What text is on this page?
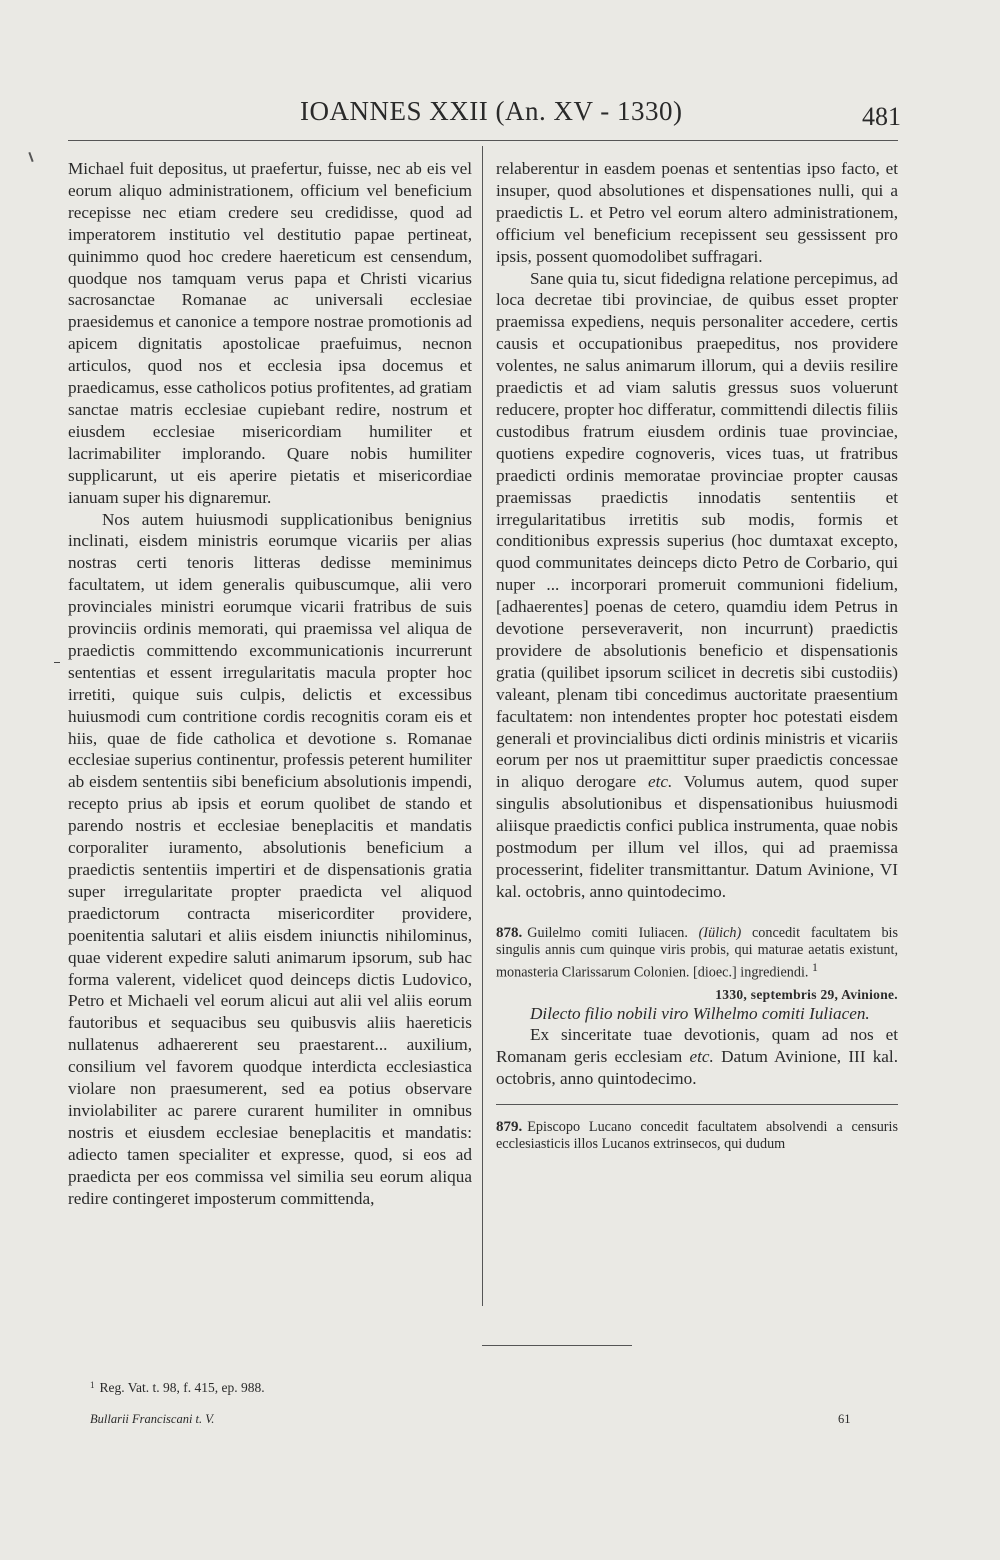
IOANNES XXII (An. XV - 1330)	481

Michael fuit depositus, ut praefertur, fuisse, nec ab eis vel eorum aliquo administrationem, officium vel beneficium recepisse nec etiam credere seu credidisse, quod ad imperatorem institutio vel destitutio papae pertineat, quinimmo quod hoc credere haereticum est censendum, quodque nos tamquam verus papa et Christi vicarius sacrosanctae Romanae ac universali ecclesiae praesidemus et canonice a tempore nostrae promotionis ad apicem dignitatis apostolicae praefuimus, necnon articulos, quod nos et ecclesia ipsa docemus et praedicamus, esse catholicos potius profitentes, ad gratiam sanctae matris ecclesiae cupiebant redire, nostrum et eiusdem ecclesiae misericordiam humiliter et lacrimabiliter implorando. Quare nobis humiliter supplicarunt, ut eis aperire pietatis et misericordiae ianuam super his dignaremur.

Nos autem huiusmodi supplicationibus benignius inclinati, eisdem ministris eorumque vicariis per alias nostras certi tenoris litteras dedisse meminimus facultatem, ut idem generalis quibuscumque, alii vero provinciales ministri eorumque vicarii fratribus de suis provinciis ordinis memorati, qui praemissa vel aliqua de praedictis committendo excommunicationis incurrerunt sententias et essent irregularitatis macula propter hoc irretiti, quique suis culpis, delictis et excessibus huiusmodi cum contritione cordis recognitis coram eis et hiis, quae de fide catholica et devotione s. Romanae ecclesiae superius continentur, professis peterent humiliter ab eisdem sententiis sibi beneficium absolutionis impendi, recepto prius ab ipsis et eorum quolibet de stando et parendo nostris et ecclesiae beneplacitis et mandatis corporaliter iuramento, absolutionis beneficium a praedictis sententiis impertiri et de dispensationis gratia super irregularitate propter praedicta vel aliquod praedictorum contracta misericorditer providere, poenitentia salutari et aliis eisdem iniunctis nihilominus, quae viderent expedire saluti animarum ipsorum, sub hac forma valerent, videlicet quod deinceps dictis Ludovico, Petro et Michaeli vel eorum alicui aut alii vel aliis eorum fautoribus et sequacibus seu quibusvis aliis haereticis nullatenus adhaererent seu praestarent... auxilium, consilium vel favorem quodque interdicta ecclesiastica violare non praesumerent, sed ea potius observare inviolabiliter ac parere curarent humiliter in omnibus nostris et eiusdem ecclesiae beneplacitis et mandatis: adiecto tamen specialiter et expresse, quod, si eos ad praedicta per eos commissa vel similia seu eorum aliqua redire contingeret imposterum committenda,

relaberentur in easdem poenas et sententias ipso facto, et insuper, quod absolutiones et dispensationes nulli, qui a praedictis L. et Petro vel eorum altero administrationem, officium vel beneficium recepissent seu gessissent pro ipsis, possent quomodolibet suffragari.

Sane quia tu, sicut fidedigna relatione percepimus, ad loca decretae tibi provinciae, de quibus esset propter praemissa expediens, nequis personaliter accedere, certis causis et occupationibus praepeditus, nos providere volentes, ne salus animarum illorum, qui a deviis resilire praedictis et ad viam salutis gressus suos voluerunt reducere, propter hoc differatur, committendi dilectis filiis custodibus fratrum eiusdem ordinis tuae provinciae, quotiens expedire cognoveris, vices tuas, ut fratribus praedicti ordinis memoratae provinciae propter causas praemissas praedictis innodatis sententiis et irregularitatibus irretitis sub modis, formis et conditionibus expressis superius (hoc dumtaxat excepto, quod communitates deinceps dicto Petro de Corbario, qui nuper ... incorporari promeruit communioni fidelium, [adhaerentes] poenas de cetero, quamdiu idem Petrus in devotione perseveraverit, non incurrunt) praedictis providere de absolutionis beneficio et dispensationis gratia (quilibet ipsorum scilicet in decretis sibi custodiis) valeant, plenam tibi concedimus auctoritate praesentium facultatem: non intendentes propter hoc potestati eisdem generali et provincialibus dicti ordinis ministris et vicariis eorum per nos ut praemittitur super praedictis concessae in aliquo derogare etc. Volumus autem, quod super singulis absolutionibus et dispensationibus huiusmodi aliisque praedictis confici publica instrumenta, quae nobis postmodum per illum vel illos, qui ad praemissa processerint, fideliter transmittantur. Datum Avinione, VI kal. octobris, anno quintodecimo.

878. Guilelmo comiti Iuliacen. (Iülich) concedit facultatem bis singulis annis cum quinque viris probis, qui maturae aetatis existunt, monasteria Clarissarum Colonien. [dioec.] ingrediendi. $^1$
1330, septembris 29, Avinione.

Dilecto filio nobili viro Wilhelmo comiti Iuliacen.

Ex sinceritate tuae devotionis, quam ad nos et Romanam geris ecclesiam etc. Datum Avinione, III kal. octobris, anno quintodecimo.

879. Episcopo Lucano concedit facultatem absolvendi a censuris ecclesiasticis illos Lucanos extrinsecos, qui dudum
$^1$ Reg. Vat. t. 98, f. 415, ep. 988.
Bullarii Franciscani t. V.	61
